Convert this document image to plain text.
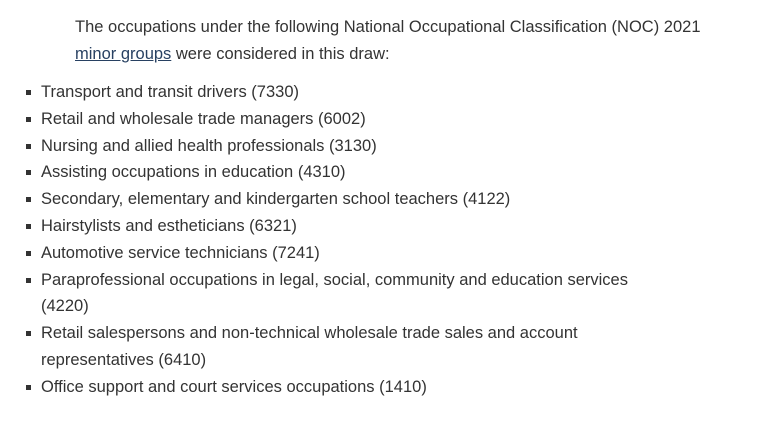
The occupations under the following National Occupational Classification (NOC) 2021 minor groups were considered in this draw:

Transport and transit drivers (7330)
Retail and wholesale trade managers (6002)
Nursing and allied health professionals (3130)
Assisting occupations in education (4310)
Secondary, elementary and kindergarten school teachers (4122)
Hairstylists and estheticians (6321)
Automotive service technicians (7241)
Paraprofessional occupations in legal, social, community and education services (4220)
Retail salespersons and non-technical wholesale trade sales and account representatives (6410)
Office support and court services occupations (1410)
